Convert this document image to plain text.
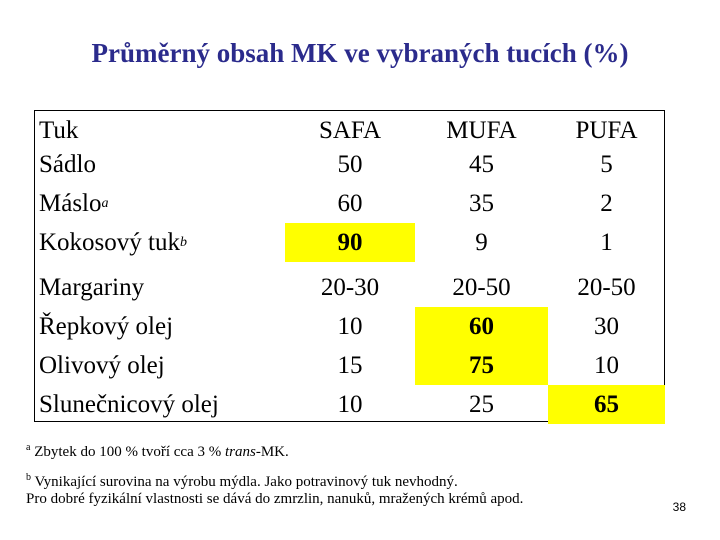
Průměrný obsah MK ve vybraných tucích (%)
Tuk	SAFA	MUFA	PUFA
Sádlo	50	45	5
Máslo a	60	35	2
Kokosový tuk b	90	9	1
Margariny	20-30	20-50	20-50
Řepkový olej	10	60	30
Olivový olej	15	75	10
Slunečnicový olej	10	25	65
$^a$ Zbytek do 100 % tvoří cca 3 % trans-MK.
$^b$ Vynikající surovina na výrobu mýdla. Jako potravinový tuk nevhodný.
Pro dobré fyzikální vlastnosti se dává do zmrzlin, nanuků, mražených krémů apod.	38
